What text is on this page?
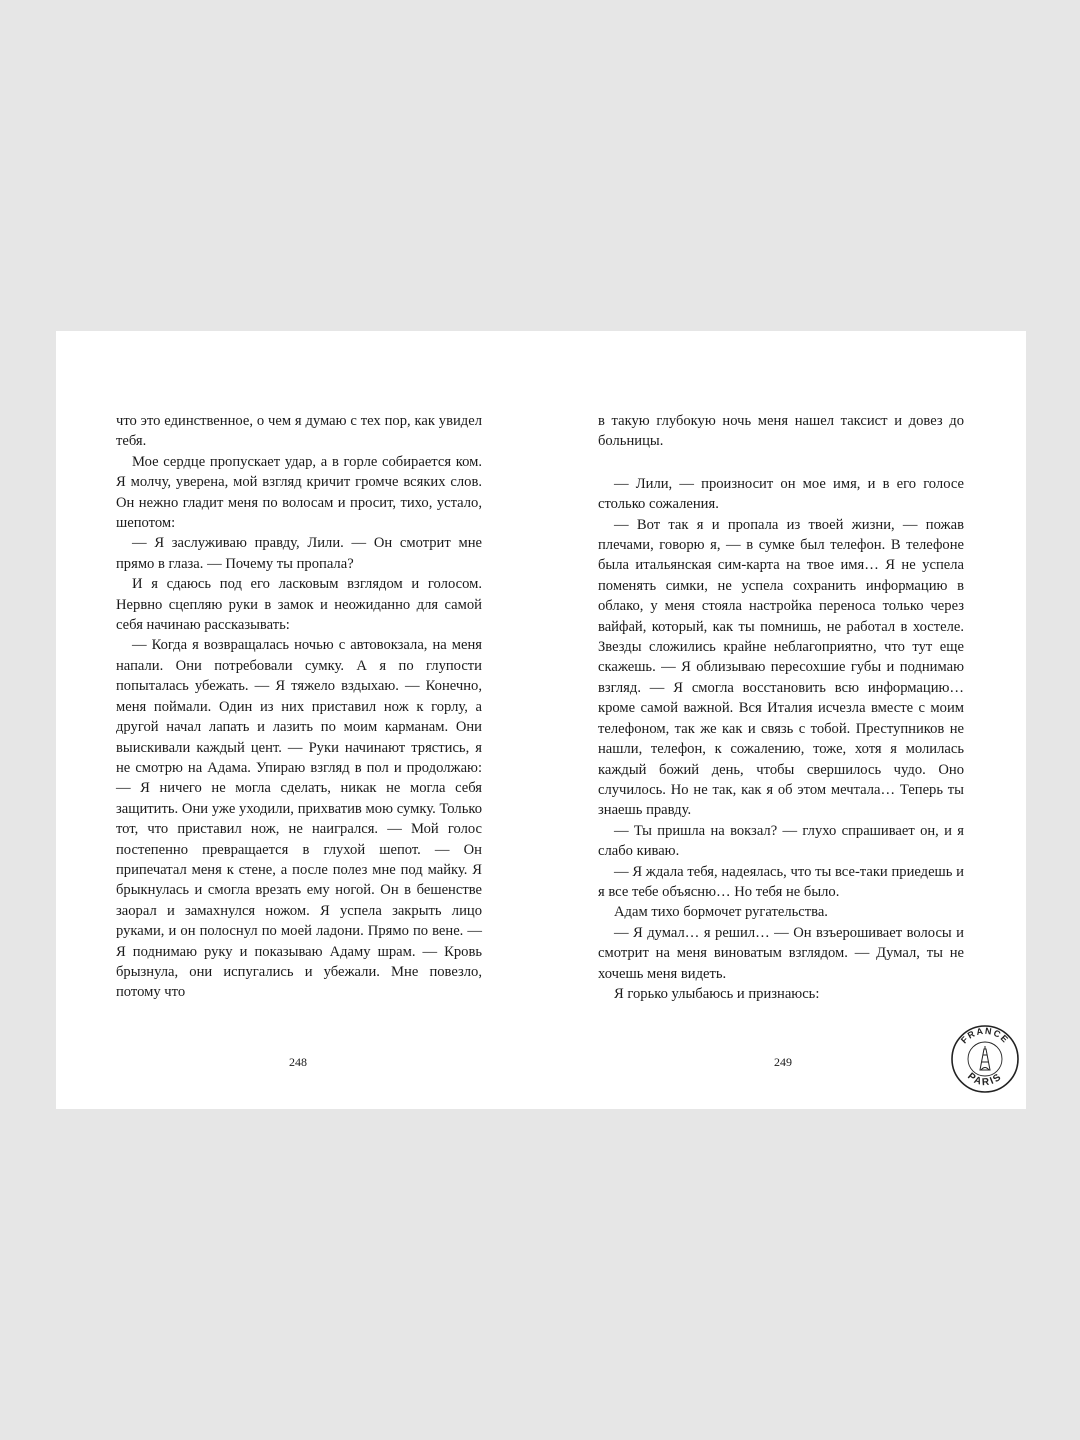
что это единственное, о чем я думаю с тех пор, как увидел тебя.

Мое сердце пропускает удар, а в горле собирается ком. Я молчу, уверена, мой взгляд кричит громче всяких слов. Он нежно гладит меня по волосам и просит, тихо, устало, шепотом:

— Я заслуживаю правду, Лили. — Он смотрит мне прямо в глаза. — Почему ты пропала?

И я сдаюсь под его ласковым взглядом и голосом. Нервно сцепляю руки в замок и неожиданно для самой себя начинаю рассказывать:

— Когда я возвращалась ночью с автовокзала, на меня напали. Они потребовали сумку. А я по глупости попыталась убежать. — Я тяжело вздыхаю. — Конечно, меня поймали. Один из них приставил нож к горлу, а другой начал лапать и лазить по моим карманам. Они выискивали каждый цент. — Руки начинают трястись, я не смотрю на Адама. Упираю взгляд в пол и продолжаю: — Я ничего не могла сделать, никак не могла себя защитить. Они уже уходили, прихватив мою сумку. Только тот, что приставил нож, не наигрался. — Мой голос постепенно превращается в глухой шепот. — Он припечатал меня к стене, а после полез мне под майку. Я брыкнулась и смогла врезать ему ногой. Он в бешенстве заорал и замахнулся ножом. Я успела закрыть лицо руками, и он полоснул по моей ладони. Прямо по вене. — Я поднимаю руку и показываю Адаму шрам. — Кровь брызнула, они испугались и убежали. Мне повезло, потому что

248

в такую глубокую ночь меня нашел таксист и довез до больницы.

— Лили, — произносит он мое имя, и в его голосе столько сожаления.

— Вот так я и пропала из твоей жизни, — пожав плечами, говорю я, — в сумке был телефон. В телефоне была итальянская сим-карта на твое имя… Я не успела поменять симки, не успела сохранить информацию в облако, у меня стояла настройка переноса только через вайфай, который, как ты помнишь, не работал в хостеле. Звезды сложились крайне неблагоприятно, что тут еще скажешь. — Я облизываю пересохшие губы и поднимаю взгляд. — Я смогла восстановить всю информацию… кроме самой важной. Вся Италия исчезла вместе с моим телефоном, так же как и связь с тобой. Преступников не нашли, телефон, к сожалению, тоже, хотя я молилась каждый божий день, чтобы свершилось чудо. Оно случилось. Но не так, как я об этом мечтала… Теперь ты знаешь правду.

— Ты пришла на вокзал? — глухо спрашивает он, и я слабо киваю.

— Я ждала тебя, надеялась, что ты все-таки приедешь и я все тебе объясню… Но тебя не было.

Адам тихо бормочет ругательства.

— Я думал… я решил… — Он взъерошивает волосы и смотрит на меня виноватым взглядом. — Думал, ты не хочешь меня видеть.

Я горько улыбаюсь и признаюсь:

249
FRANCE
PARIS
